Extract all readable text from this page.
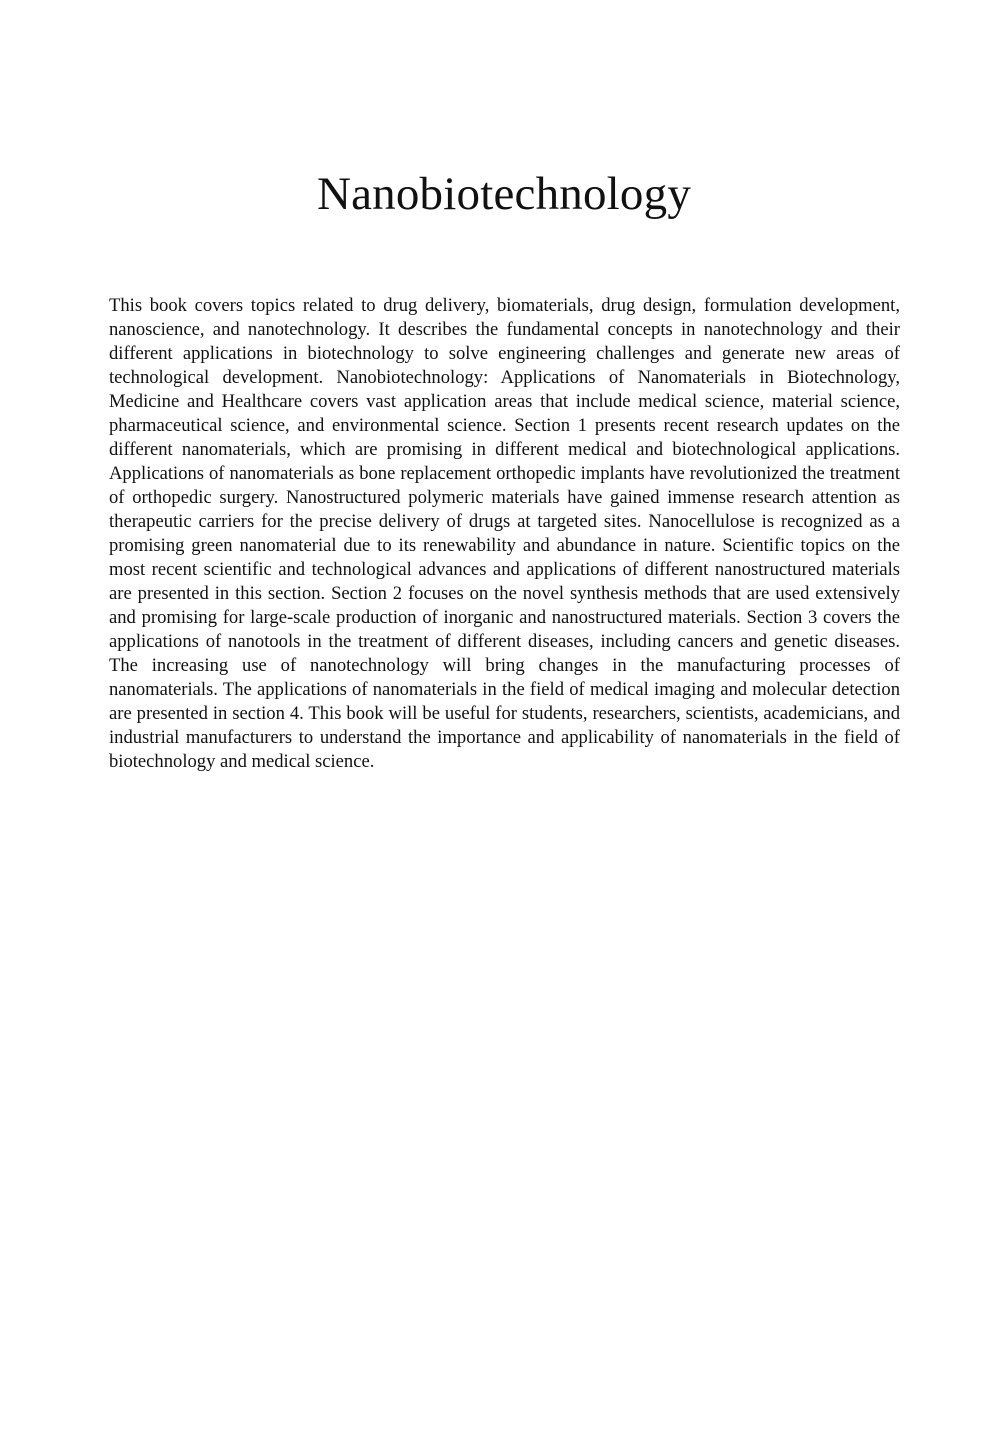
Nanobiotechnology

This book covers topics related to drug delivery, biomaterials, drug design, formulation development, nanoscience, and nanotechnology. It describes the fundamental concepts in nanotechnology and their different applications in biotechnology to solve engineering challenges and generate new areas of technological development. Nanobiotechnology: Applications of Nanomaterials in Biotechnology, Medicine and Healthcare covers vast application areas that include medical science, material science, pharmaceutical science, and environmental science. Section 1 presents recent research updates on the different nanomaterials, which are promising in different medical and biotechnological applications. Applications of nanomaterials as bone replacement orthopedic implants have revolutionized the treatment of orthopedic surgery. Nanostructured polymeric materials have gained immense research attention as therapeutic carriers for the precise delivery of drugs at targeted sites. Nanocellulose is recognized as a promising green nanomaterial due to its renewability and abundance in nature. Scientific topics on the most recent scientific and technological advances and applications of different nanostructured materials are presented in this section. Section 2 focuses on the novel synthesis methods that are used extensively and promising for large-scale production of inorganic and nanostructured materials. Section 3 covers the applications of nanotools in the treatment of different diseases, including cancers and genetic diseases. The increasing use of nanotechnology will bring changes in the manufacturing processes of nanomaterials. The applications of nanomaterials in the field of medical imaging and molecular detection are presented in section 4. This book will be useful for students, researchers, scientists, academicians, and industrial manufacturers to understand the importance and applicability of nanomaterials in the field of biotechnology and medical science.
